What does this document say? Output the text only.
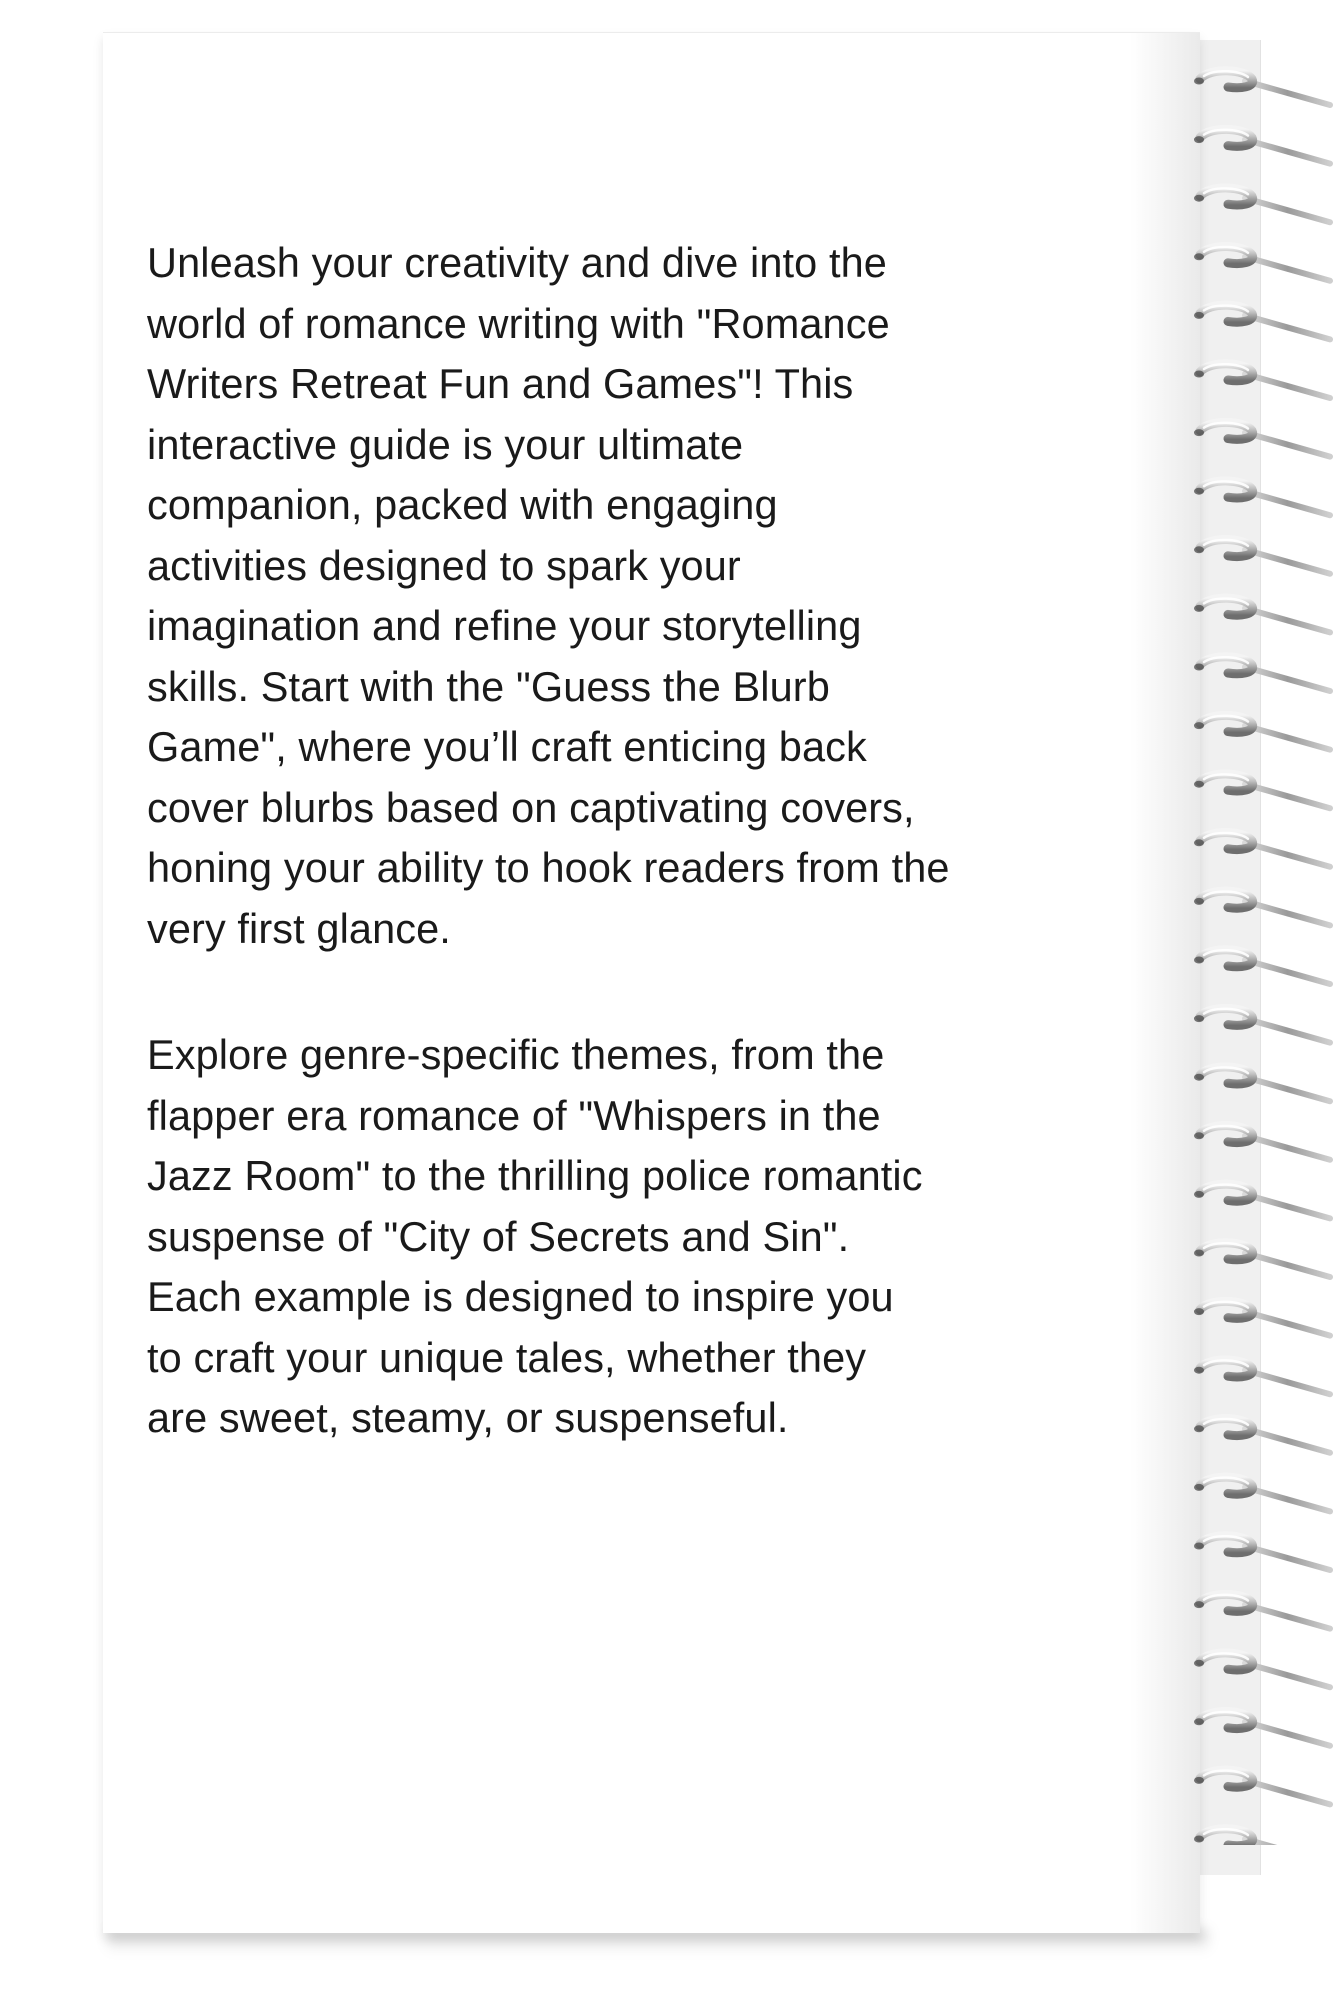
Unleash your creativity and dive into the
world of romance writing with "Romance
Writers Retreat Fun and Games"! This
interactive guide is your ultimate
companion, packed with engaging
activities designed to spark your
imagination and refine your storytelling
skills. Start with the "Guess the Blurb
Game", where you’ll craft enticing back
cover blurbs based on captivating covers,
honing your ability to hook readers from the
very first glance.

Explore genre-specific themes, from the
flapper era romance of "Whispers in the
Jazz Room" to the thrilling police romantic
suspense of "City of Secrets and Sin".
Each example is designed to inspire you
to craft your unique tales, whether they
are sweet, steamy, or suspenseful.
